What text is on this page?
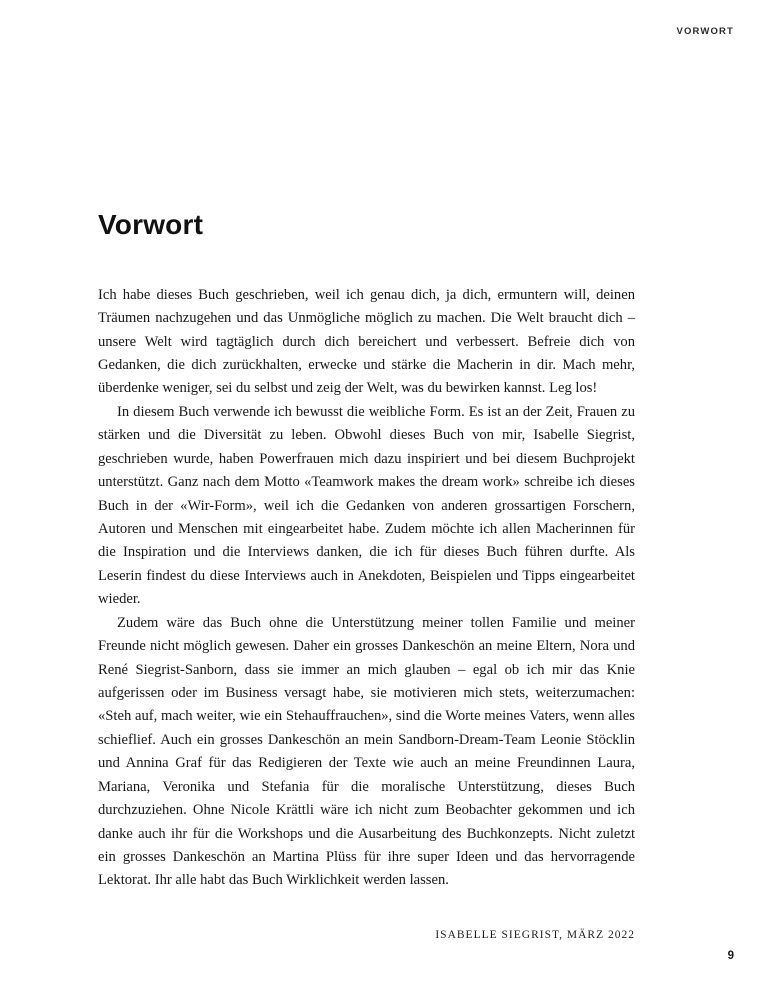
VORWORT
Vorwort

Ich habe dieses Buch geschrieben, weil ich genau dich, ja dich, ermuntern will, deinen Träumen nachzugehen und das Unmögliche möglich zu machen. Die Welt braucht dich – unsere Welt wird tagtäglich durch dich bereichert und verbessert. Befreie dich von Gedanken, die dich zurückhalten, erwecke und stärke die Macherin in dir. Mach mehr, überdenke weniger, sei du selbst und zeig der Welt, was du bewirken kannst. Leg los!

In diesem Buch verwende ich bewusst die weibliche Form. Es ist an der Zeit, Frauen zu stärken und die Diversität zu leben. Obwohl dieses Buch von mir, Isabelle Siegrist, geschrieben wurde, haben Powerfrauen mich dazu inspiriert und bei diesem Buchprojekt unterstützt. Ganz nach dem Motto «Teamwork makes the dream work» schreibe ich dieses Buch in der «Wir-Form», weil ich die Gedanken von anderen grossartigen Forschern, Autoren und Menschen mit eingearbeitet habe. Zudem möchte ich allen Macherinnen für die Inspiration und die Interviews danken, die ich für dieses Buch führen durfte. Als Leserin findest du diese Interviews auch in Anekdoten, Beispielen und Tipps eingearbeitet wieder.

Zudem wäre das Buch ohne die Unterstützung meiner tollen Familie und meiner Freunde nicht möglich gewesen. Daher ein grosses Dankeschön an meine Eltern, Nora und René Siegrist-Sanborn, dass sie immer an mich glauben – egal ob ich mir das Knie aufgerissen oder im Business versagt habe, sie motivieren mich stets, weiterzumachen: «Steh auf, mach weiter, wie ein Stehauffrauchen», sind die Worte meines Vaters, wenn alles schieflief. Auch ein grosses Dankeschön an mein Sandborn-Dream-Team Leonie Stöcklin und Annina Graf für das Redigieren der Texte wie auch an meine Freundinnen Laura, Mariana, Veronika und Stefania für die moralische Unterstützung, dieses Buch durchzuziehen. Ohne Nicole Krättli wäre ich nicht zum Beobachter gekommen und ich danke auch ihr für die Workshops und die Ausarbeitung des Buchkonzepts. Nicht zuletzt ein grosses Dankeschön an Martina Plüss für ihre super Ideen und das hervorragende Lektorat. Ihr alle habt das Buch Wirklichkeit werden lassen.

ISABELLE SIEGRIST, MÄRZ 2022
9
